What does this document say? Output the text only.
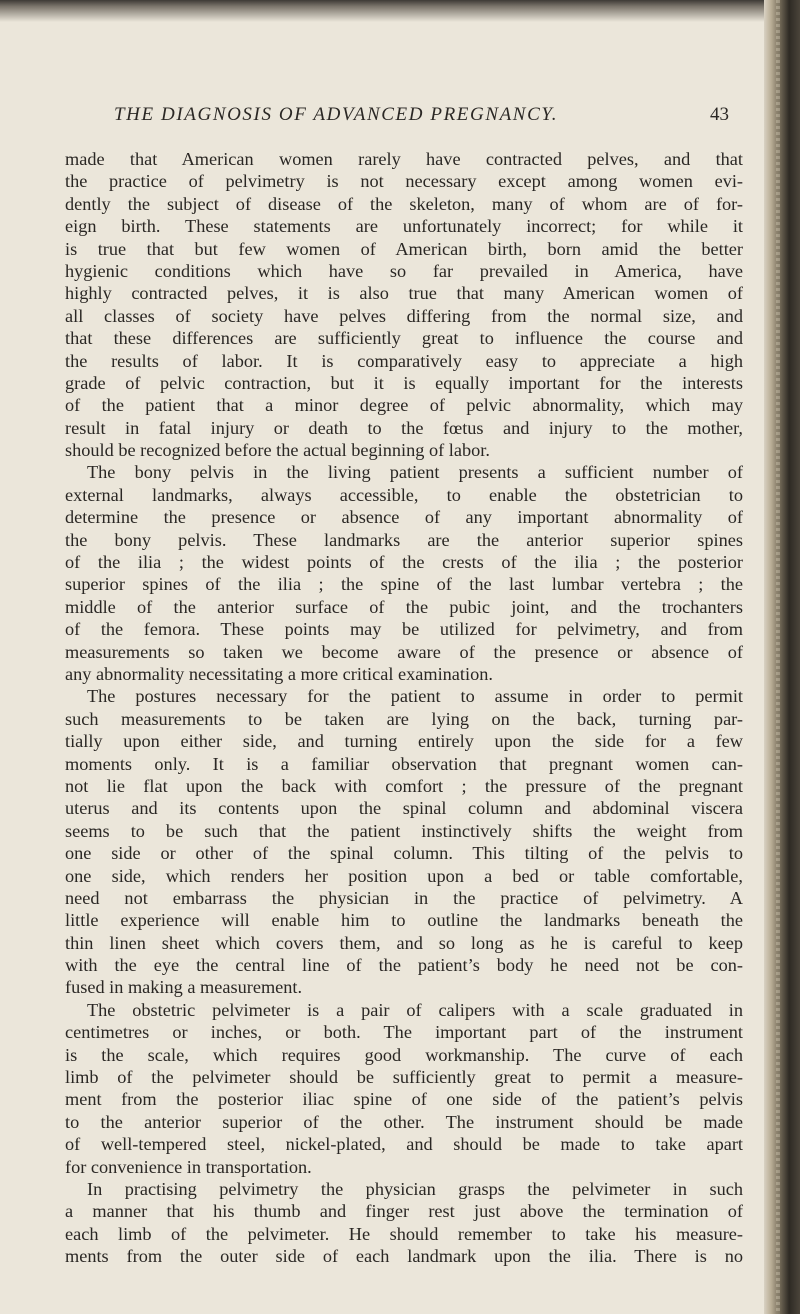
THE DIAGNOSIS OF ADVANCED PREGNANCY.	43
made that American women rarely have contracted pelves, and that
the practice of pelvimetry is not necessary except among women evi-
dently the subject of disease of the skeleton, many of whom are of for-
eign birth. These statements are unfortunately incorrect; for while it
is true that but few women of American birth, born amid the better
hygienic conditions which have so far prevailed in America, have
highly contracted pelves, it is also true that many American women of
all classes of society have pelves differing from the normal size, and
that these differences are sufficiently great to influence the course and
the results of labor. It is comparatively easy to appreciate a high
grade of pelvic contraction, but it is equally important for the interests
of the patient that a minor degree of pelvic abnormality, which may
result in fatal injury or death to the fœtus and injury to the mother,
should be recognized before the actual beginning of labor.
The bony pelvis in the living patient presents a sufficient number of
external landmarks, always accessible, to enable the obstetrician to
determine the presence or absence of any important abnormality of
the bony pelvis. These landmarks are the anterior superior spines
of the ilia ; the widest points of the crests of the ilia ; the posterior
superior spines of the ilia ; the spine of the last lumbar vertebra ; the
middle of the anterior surface of the pubic joint, and the trochanters
of the femora. These points may be utilized for pelvimetry, and from
measurements so taken we become aware of the presence or absence of
any abnormality necessitating a more critical examination.
The postures necessary for the patient to assume in order to permit
such measurements to be taken are lying on the back, turning par-
tially upon either side, and turning entirely upon the side for a few
moments only. It is a familiar observation that pregnant women can-
not lie flat upon the back with comfort ; the pressure of the pregnant
uterus and its contents upon the spinal column and abdominal viscera
seems to be such that the patient instinctively shifts the weight from
one side or other of the spinal column. This tilting of the pelvis to
one side, which renders her position upon a bed or table comfortable,
need not embarrass the physician in the practice of pelvimetry. A
little experience will enable him to outline the landmarks beneath the
thin linen sheet which covers them, and so long as he is careful to keep
with the eye the central line of the patient’s body he need not be con-
fused in making a measurement.
The obstetric pelvimeter is a pair of calipers with a scale graduated in
centimetres or inches, or both. The important part of the instrument
is the scale, which requires good workmanship. The curve of each
limb of the pelvimeter should be sufficiently great to permit a measure-
ment from the posterior iliac spine of one side of the patient’s pelvis
to the anterior superior of the other. The instrument should be made
of well-tempered steel, nickel-plated, and should be made to take apart
for convenience in transportation.
In practising pelvimetry the physician grasps the pelvimeter in such
a manner that his thumb and finger rest just above the termination of
each limb of the pelvimeter. He should remember to take his measure-
ments from the outer side of each landmark upon the ilia. There is no
